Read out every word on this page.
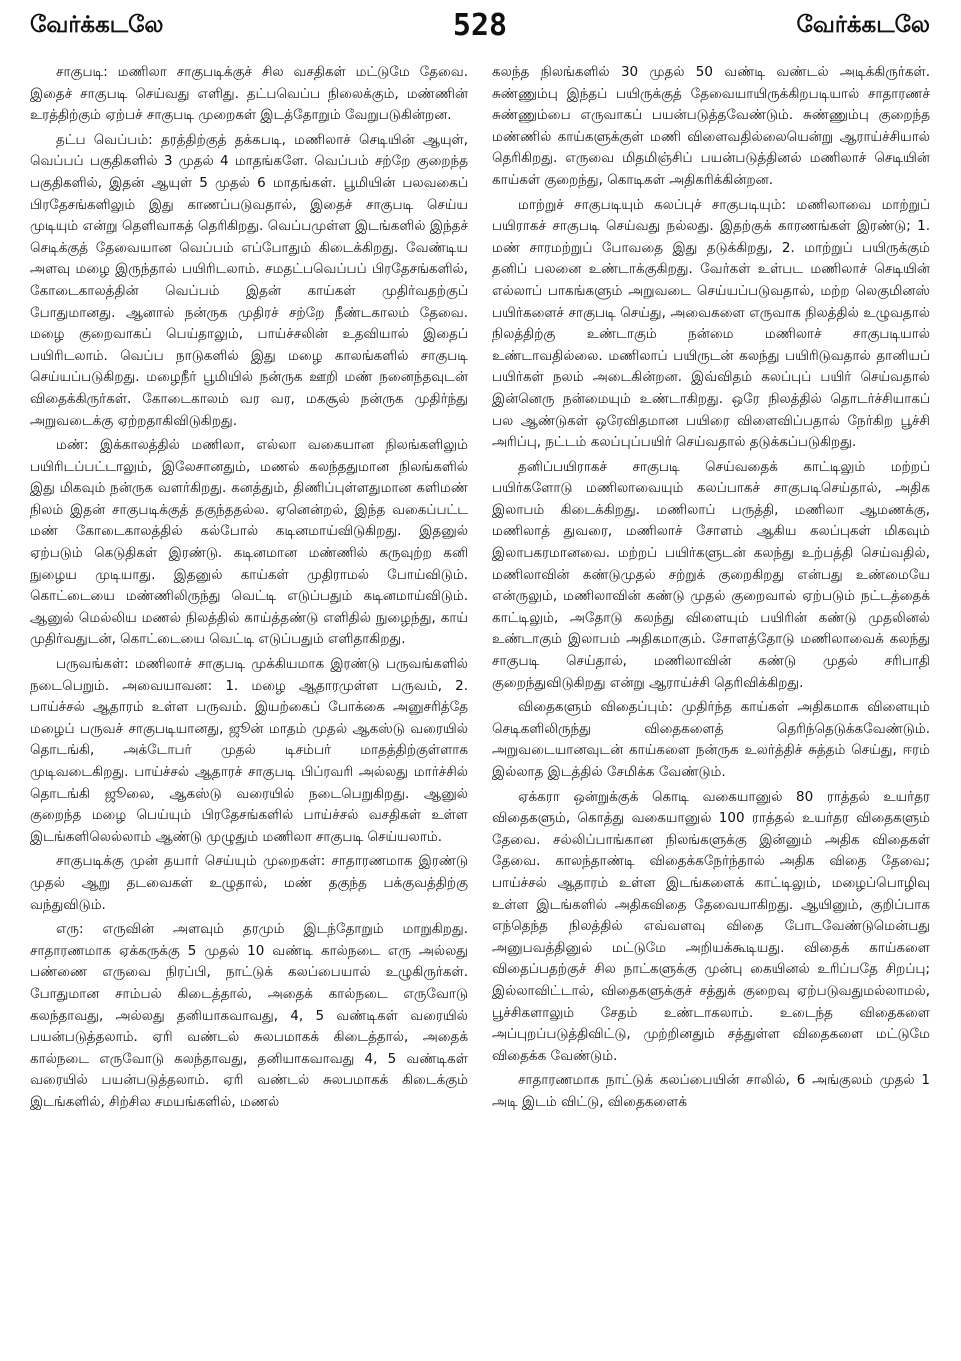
வேர்க்கடலே	528	வேர்க்கடலே

சாகுபடி: மணிலா சாகுபடிக்குச் சில வசதிகள் மட்டுமே தேவை. இதைச் சாகுபடி செய்வது எளிது. தட்பவெப்ப நிலைக்கும், மண்ணின் உரத்திற்கும் ஏற்பச் சாகுபடி முறைகள் இடத்தோறும் வேறுபடுகின்றன.

தட்ப வெப்பம்: தரத்திற்குத் தக்கபடி, மணிலாச் செடியின் ஆயுள், வெப்பப் பகுதிகளில் 3 முதல் 4 மாதங்களே. வெப்பம் சற்றே குறைந்த பகுதிகளில், இதன் ஆயுள் 5 முதல் 6 மாதங்கள். பூமியின் பலவகைப் பிரதேசங்களிலும் இது காணப்படுவதால், இதைச் சாகுபடி செய்ய முடியும் என்று தெளிவாகத் தெரிகிறது. வெப்பமுள்ள இடங்களில் இந்தச் செடிக்குத் தேவையான வெப்பம் எப்போதும் கிடைக்கிறது. வேண்டிய அளவு மழை இருந்தால் பயிரிடலாம். சமதட்பவெப்பப் பிரதேசங்களில், கோடைகாலத்தின் வெப்பம் இதன் காய்கள் முதிர்வதற்குப் போதுமானது. ஆனால் நன்ருக முதிரச் சற்றே நீண்டகாலம் தேவை. மழை குறைவாகப் பெய்தாலும், பாய்ச்சலின் உதவியால் இதைப் பயிரிடலாம். வெப்ப நாடுகளில் இது மழை காலங்களில் சாகுபடி செய்யப்படுகிறது. மழைநீர் பூமியில் நன்ருக ஊறி மண் நனைந்தவுடன் விதைக்கிருர்கள். கோடைகாலம் வர வர, மகசூல் நன்ருக முதிர்ந்து அறுவடைக்கு ஏற்றதாகிவிடுகிறது.

மண்: இக்காலத்தில் மணிலா, எல்லா வகையான நிலங்களிலும் பயிரிடப்பட்டாலும், இலேசானதும், மணல் கலந்ததுமான நிலங்களில் இது மிகவும் நன்ருக வளர்கிறது. கனத்தும், திணிப்புள்ளதுமான களிமண் நிலம் இதன் சாகுபடிக்குத் தகுந்ததல்ல. ஏனென்றல், இந்த வகைப்பட்ட மண் கோடைகாலத்தில் கல்போல் கடினமாய்விடுகிறது. இதனுல் ஏற்படும் கெடுதிகள் இரண்டு. கடினமான மண்ணில் கருவுற்ற கனி நுழைய முடியாது. இதனுல் காய்கள் முதிராமல் போய்விடும். கொட்டையை மண்ணிலிருந்து வெட்டி எடுப்பதும் கடினமாய்விடும். ஆனுல் மெல்லிய மணல் நிலத்தில் காய்த்தண்டு எளிதில் நுழைந்து, காய் முதிர்வதுடன், கொட்டையை வெட்டி எடுப்பதும் எளிதாகிறது.

பருவங்கள்: மணிலாச் சாகுபடி முக்கியமாக இரண்டு பருவங்களில் நடைபெறும். அவையாவன: 1. மழை ஆதாரமுள்ள பருவம், 2. பாய்ச்சல் ஆதாரம் உள்ள பருவம். இயற்கைப் போக்கை அனுசரித்தே மழைப் பருவச் சாகுபடியானது, ஜூன் மாதம் முதல் ஆகஸ்டு வரையில் தொடங்கி, அக்டோபர் முதல் டிசம்பர் மாதத்திற்குள்ளாக முடிவடைகிறது. பாய்ச்சல் ஆதாரச் சாகுபடி பிப்ரவரி அல்லது மார்ச்சில் தொடங்கி ஜூலை, ஆகஸ்டு வரையில் நடைபெறுகிறது. ஆனுல் குறைந்த மழை பெய்யும் பிரதேசங்களில் பாய்ச்சல் வசதிகள் உள்ள இடங்களிலெல்லாம் ஆண்டு முழுதும் மணிலா சாகுபடி செய்யலாம்.

சாகுபடிக்கு முன் தயார் செய்யும் முறைகள்: சாதாரணமாக இரண்டு முதல் ஆறு தடவைகள் உழுதால், மண் தகுந்த பக்குவத்திற்கு வந்துவிடும்.

எரு: எருவின் அளவும் தரமும் இடந்தோறும் மாறுகிறது. சாதாரணமாக ஏக்கருக்கு 5 முதல் 10 வண்டி கால்நடை எரு அல்லது பண்ணை எருவை நிரப்பி, நாட்டுக் கலப்பையால் உழுகிருர்கள். போதுமான சாம்பல் கிடைத்தால், அதைக் கால்நடை எருவோடு கலந்தாவது, அல்லது தனியாகவாவது, 4, 5 வண்டிகள் வரையில் பயன்படுத்தலாம். ஏரி வண்டல் சுலபமாகக் கிடைத்தால், அதைக் கால்நடை எருவோடு கலந்தாவது, தனியாகவாவது 4, 5 வண்டிகள் வரையில் பயன்படுத்தலாம். ஏரி வண்டல் சுலபமாகக் கிடைக்கும் இடங்களில், சிற்சில சமயங்களில், மணல்

கலந்த நிலங்களில் 30 முதல் 50 வண்டி வண்டல் அடிக்கிருர்கள். சுண்ணும்பு இந்தப் பயிருக்குத் தேவையாயிருக்கிறபடியால் சாதாரணச் சுண்ணும்பை எருவாகப் பயன்படுத்தவேண்டும். சுண்ணும்பு குறைந்த மண்ணில் காய்களுக்குள் மணி விளைவதில்லையென்று ஆராய்ச்சியால் தெரிகிறது. எருவை மிதமிஞ்சிப் பயன்படுத்தினல் மணிலாச் செடியின் காய்கள் குறைந்து, கொடிகள் அதிகரிக்கின்றன.

மாற்றுச் சாகுபடியும் கலப்புச் சாகுபடியும்: மணிலாவை மாற்றுப் பயிராகச் சாகுபடி செய்வது நல்லது. இதற்குக் காரணங்கள் இரண்டு; 1. மண் சாரமற்றுப் போவதை இது தடுக்கிறது, 2. மாற்றுப் பயிருக்கும் தனிப் பலனை உண்டாக்குகிறது. வேர்கள் உள்பட மணிலாச் செடியின் எல்லாப் பாகங்களும் அறுவடை செய்யப்படுவதால், மற்ற லெகுமினஸ் பயிர்களைச் சாகுபடி செய்து, அவைகளை எருவாக நிலத்தில் உழுவதால் நிலத்திற்கு உண்டாகும் நன்மை மணிலாச் சாகுபடியால் உண்டாவதில்லை. மணிலாப் பயிருடன் கலந்து பயிரிடுவதால் தானியப் பயிர்கள் நலம் அடைகின்றன. இவ்விதம் கலப்புப் பயிர் செய்வதால் இன்னெரு நன்மையும் உண்டாகிறது. ஒரே நிலத்தில் தொடர்ச்சியாகப் பல ஆண்டுகள் ஒரேவிதமான பயிரை விளைவிப்பதால் நேர்கிற பூச்சி அரிப்பு, நட்டம் கலப்புப்பயிர் செய்வதால் தடுக்கப்படுகிறது.

தனிப்பயிராகச் சாகுபடி செய்வதைக் காட்டிலும் மற்றப் பயிர்களோடு மணிலாவையும் கலப்பாகச் சாகுபடிசெய்தால், அதிக இலாபம் கிடைக்கிறது. மணிலாப் பருத்தி, மணிலா ஆமணக்கு, மணிலாத் துவரை, மணிலாச் சோளம் ஆகிய கலப்புகள் மிகவும் இலாபகரமானவை. மற்றப் பயிர்களுடன் கலந்து உற்பத்தி செய்வதில், மணிலாவின் கண்டுமுதல் சற்றுக் குறைகிறது என்பது உண்மையே என்ருலும், மணிலாவின் கண்டு முதல் குறைவால் ஏற்படும் நட்டத்தைக் காட்டிலும், அதோடு கலந்து விளையும் பயிரின் கண்டு முதலினல் உண்டாகும் இலாபம் அதிகமாகும். சோளத்தோடு மணிலாவைக் கலந்து சாகுபடி செய்தால், மணிலாவின் கண்டு முதல் சரிபாதி குறைந்துவிடுகிறது என்று ஆராய்ச்சி தெரிவிக்கிறது.

விதைகளும் விதைப்பும்: முதிர்ந்த காய்கள் அதிகமாக விளையும் செடிகளிலிருந்து விதைகளைத் தெரிந்தெடுக்கவேண்டும். அறுவடையானவுடன் காய்களை நன்ருக உலர்த்திச் சுத்தம் செய்து, ஈரம் இல்லாத இடத்தில் சேமிக்க வேண்டும்.

ஏக்கரா ஒன்றுக்குக் கொடி வகையானுல் 80 ராத்தல் உயர்தர விதைகளும், கொத்து வகையானுல் 100 ராத்தல் உயர்தர விதைகளும் தேவை. சல்லிப்பாங்கான நிலங்களுக்கு இன்னும் அதிக விதைகள் தேவை. காலந்தாண்டி விதைக்கநேர்ந்தால் அதிக விதை தேவை; பாய்ச்சல் ஆதாரம் உள்ள இடங்களைக் காட்டிலும், மழைப்பொழிவு உள்ள இடங்களில் அதிகவிதை தேவையாகிறது. ஆயினும், குறிப்பாக எந்தெந்த நிலத்தில் எவ்வளவு விதை போடவேண்டுமென்பது அனுபவத்தினுல் மட்டுமே அறியக்கூடியது. விதைக் காய்களை விதைப்பதற்குச் சில நாட்களுக்கு முன்பு கையினல் உரிப்பதே சிறப்பு; இல்லாவிட்டால், விதைகளுக்குச் சத்துக் குறைவு ஏற்படுவதுமல்லாமல், பூச்சிகளாலும் சேதம் உண்டாகலாம். உடைந்த விதைகளை அப்புறப்படுத்திவிட்டு, முற்றினதும் சத்துள்ள விதைகளை மட்டுமே விதைக்க வேண்டும்.

சாதாரணமாக நாட்டுக் கலப்பையின் சாலில், 6 அங்குலம் முதல் 1 அடி இடம் விட்டு, விதைகளைக்
